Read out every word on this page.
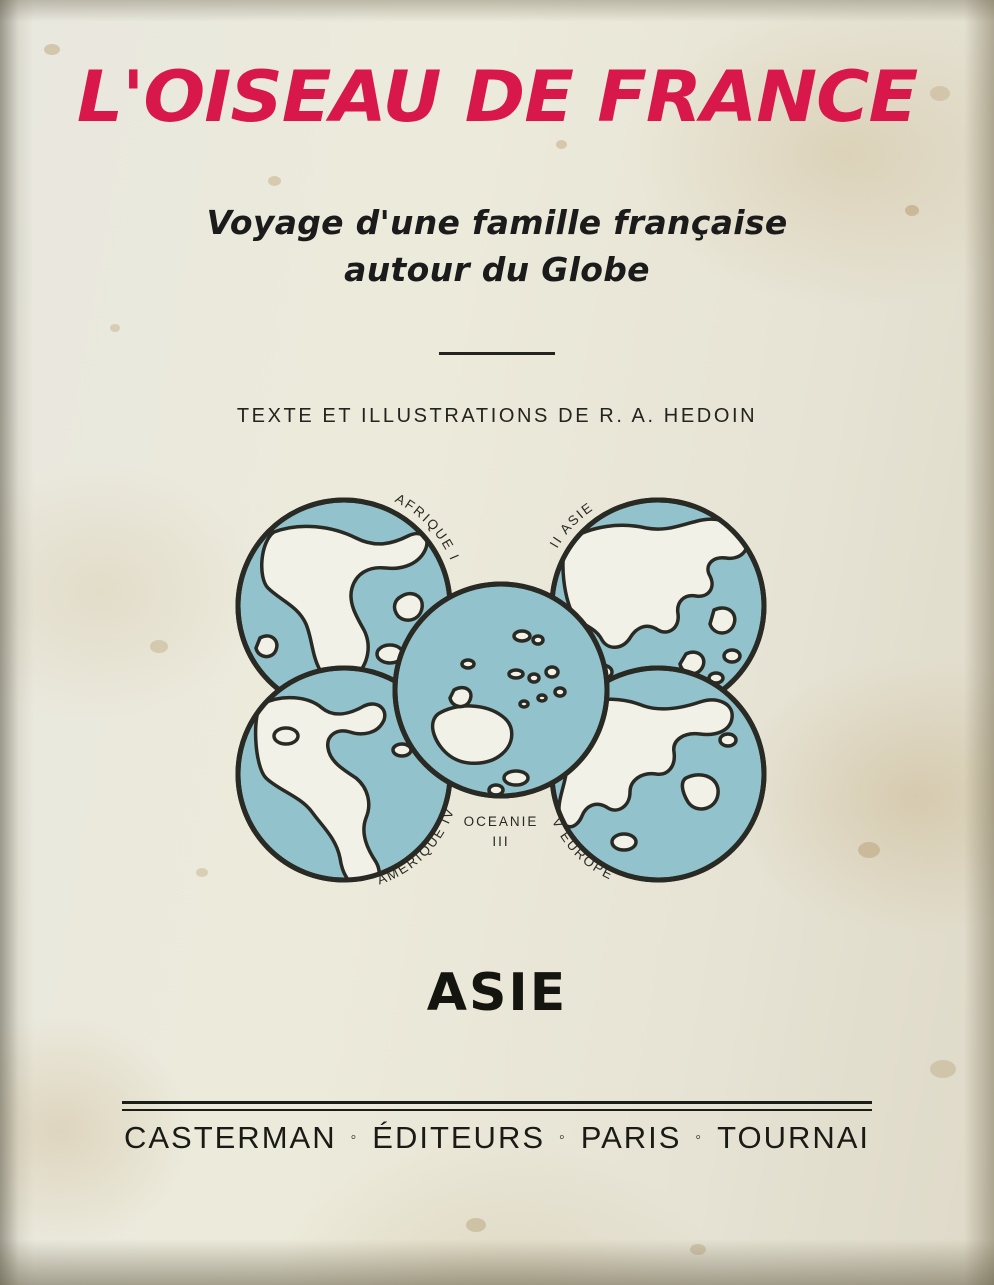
L'OISEAU DE FRANCE
Voyage d'une famille française
autour du Globe
TEXTE ET ILLUSTRATIONS DE R. A. HEDOIN
AFRIQUE I
II ASIE
AMERIQUE IV
V EUROPE
OCEANIE
III
ASIE
CASTERMAN ◦ ÉDITEURS ◦ PARIS ◦ TOURNAI
